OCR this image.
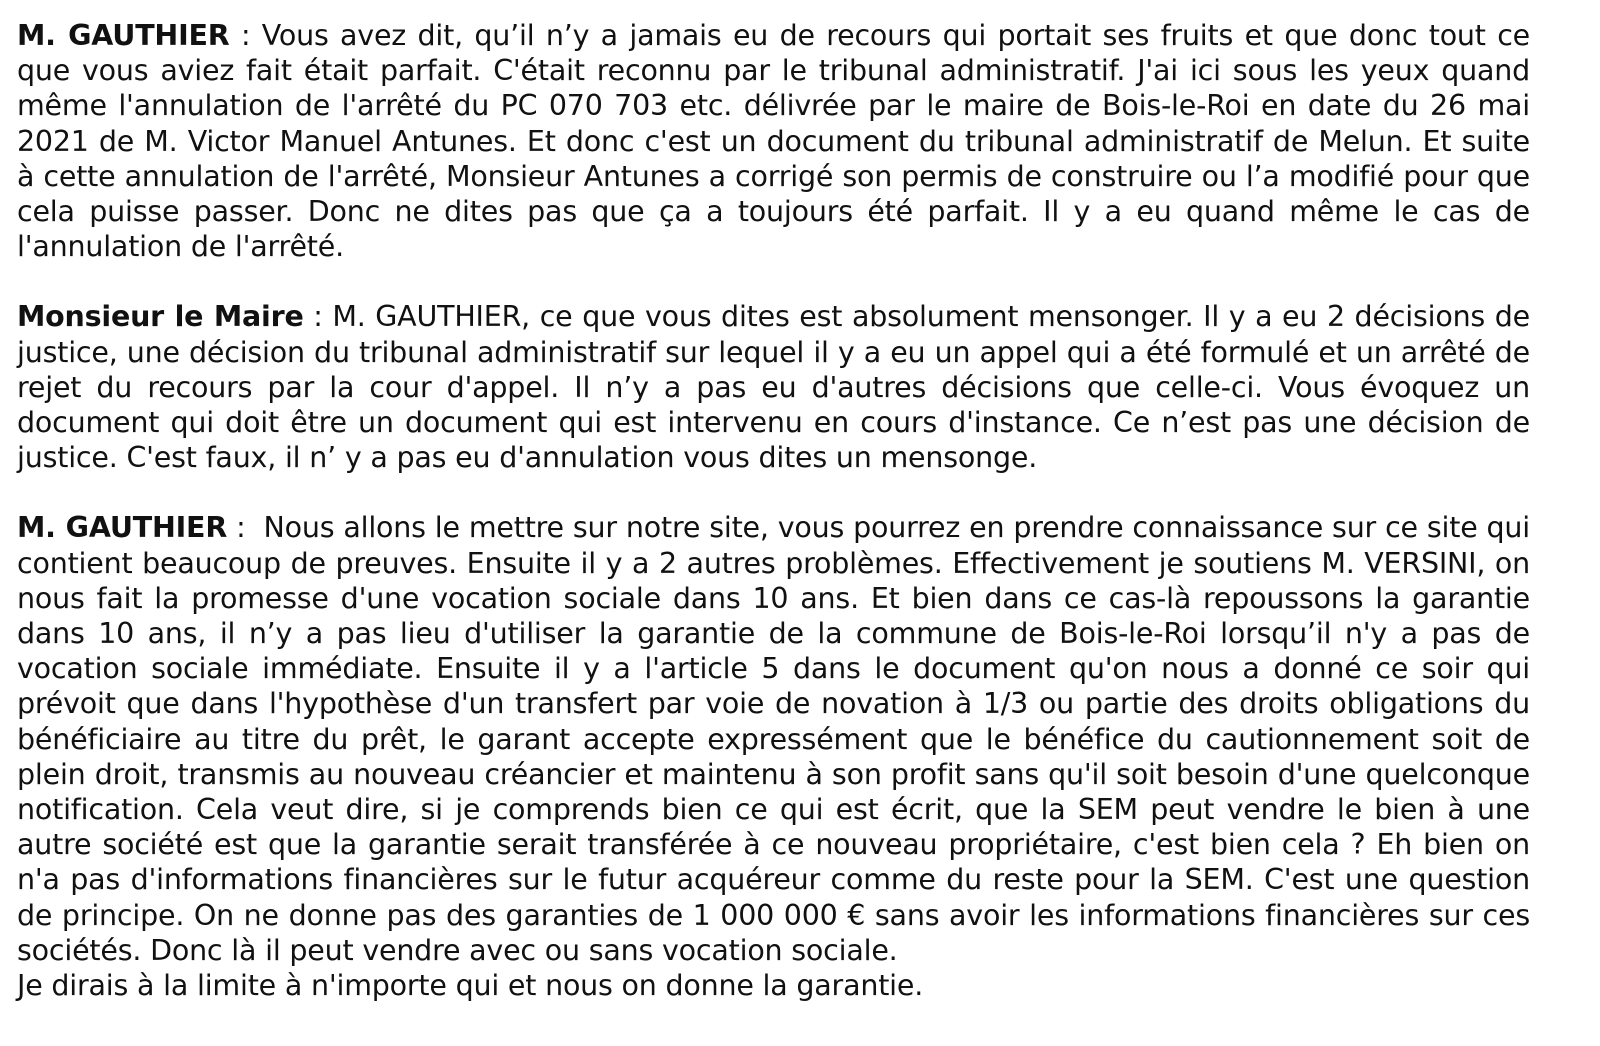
M. GAUTHIER : Vous avez dit, qu’il n’y a jamais eu de recours qui portait ses fruits et que donc tout ce que vous aviez fait était parfait. C'était reconnu par le tribunal administratif. J'ai ici sous les yeux quand même l'annulation de l'arrêté du PC 070 703 etc. délivrée par le maire de Bois-le-Roi en date du 26 mai 2021 de M. Victor Manuel Antunes. Et donc c'est un document du tribunal administratif de Melun. Et suite à cette annulation de l'arrêté, Monsieur Antunes a corrigé son permis de construire ou l’a modifié pour que cela puisse passer. Donc ne dites pas que ça a toujours été parfait. Il y a eu quand même le cas de l'annulation de l'arrêté.

Monsieur le Maire : M. GAUTHIER, ce que vous dites est absolument mensonger. Il y a eu 2 décisions de justice, une décision du tribunal administratif sur lequel il y a eu un appel qui a été formulé et un arrêté de rejet du recours par la cour d'appel. Il n’y a pas eu d'autres décisions que celle-ci. Vous évoquez un document qui doit être un document qui est intervenu en cours d'instance. Ce n’est pas une décision de justice. C'est faux, il n’ y a pas eu d'annulation vous dites un mensonge.

M. GAUTHIER :  Nous allons le mettre sur notre site, vous pourrez en prendre connaissance sur ce site qui contient beaucoup de preuves. Ensuite il y a 2 autres problèmes. Effectivement je soutiens M. VERSINI, on nous fait la promesse d'une vocation sociale dans 10 ans. Et bien dans ce cas-là repoussons la garantie dans 10 ans, il n’y a pas lieu d'utiliser la garantie de la commune de Bois-le-Roi lorsqu’il n'y a pas de vocation sociale immédiate. Ensuite il y a l'article 5 dans le document qu'on nous a donné ce soir qui prévoit que dans l'hypothèse d'un transfert par voie de novation à 1/3 ou partie des droits obligations du bénéficiaire au titre du prêt, le garant accepte expressément que le bénéfice du cautionnement soit de plein droit, transmis au nouveau créancier et maintenu à son profit sans qu'il soit besoin d'une quelconque notification. Cela veut dire, si je comprends bien ce qui est écrit, que la SEM peut vendre le bien à une autre société est que la garantie serait transférée à ce nouveau propriétaire, c'est bien cela ? Eh bien on n'a pas d'informations financières sur le futur acquéreur comme du reste pour la SEM. C'est une question de principe. On ne donne pas des garanties de 1 000 000 € sans avoir les informations financières sur ces sociétés. Donc là il peut vendre avec ou sans vocation sociale.

Je dirais à la limite à n'importe qui et nous on donne la garantie.
